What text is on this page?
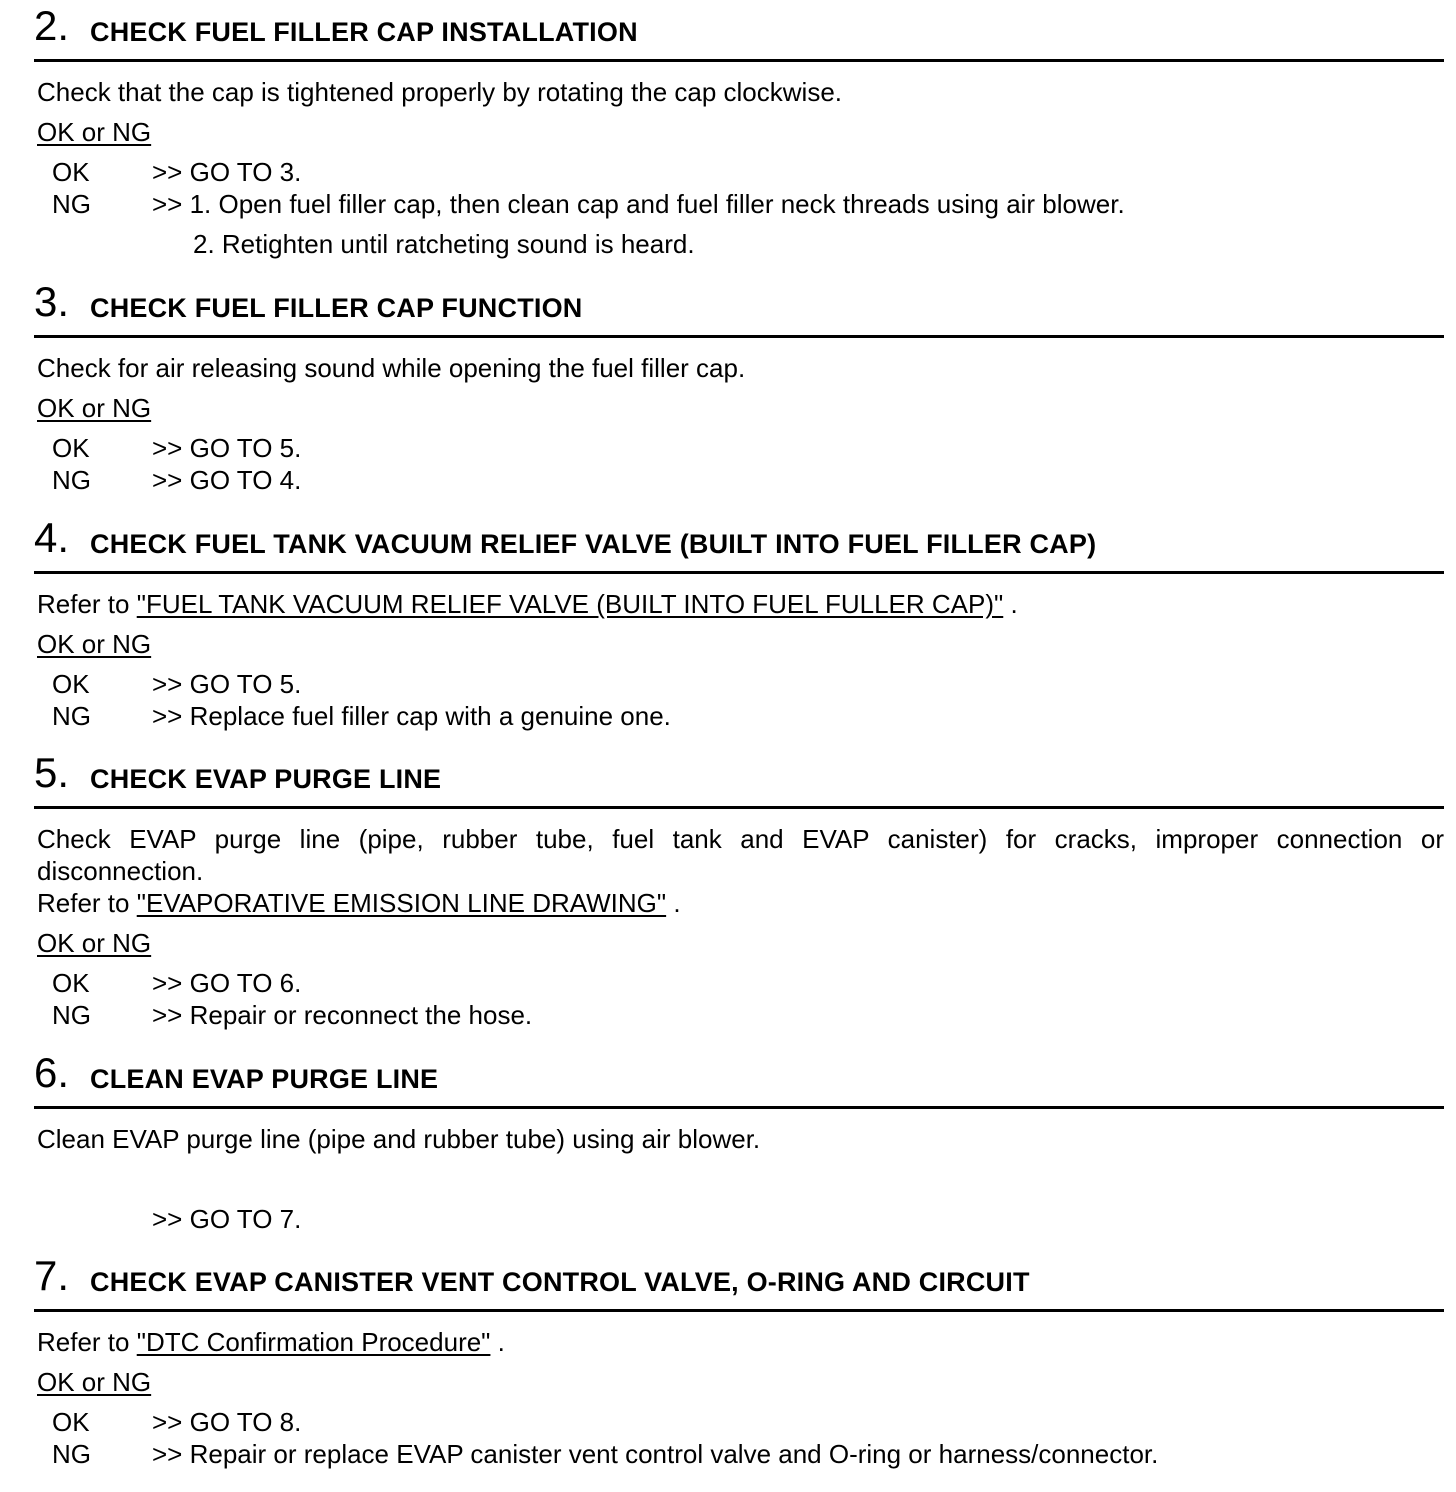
2. CHECK FUEL FILLER CAP INSTALLATION
Check that the cap is tightened properly by rotating the cap clockwise.
OK or NG
OK >> GO TO 3.
NG >> 1. Open fuel filler cap, then clean cap and fuel filler neck threads using air blower.
2. Retighten until ratcheting sound is heard.
3. CHECK FUEL FILLER CAP FUNCTION
Check for air releasing sound while opening the fuel filler cap.
OK or NG
OK >> GO TO 5.
NG >> GO TO 4.
4. CHECK FUEL TANK VACUUM RELIEF VALVE (BUILT INTO FUEL FILLER CAP)
Refer to "FUEL TANK VACUUM RELIEF VALVE (BUILT INTO FUEL FULLER CAP)" .
OK or NG
OK >> GO TO 5.
NG >> Replace fuel filler cap with a genuine one.
5. CHECK EVAP PURGE LINE
Check EVAP purge line (pipe, rubber tube, fuel tank and EVAP canister) for cracks, improper connection or
disconnection.
Refer to "EVAPORATIVE EMISSION LINE DRAWING" .
OK or NG
OK >> GO TO 6.
NG >> Repair or reconnect the hose.
6. CLEAN EVAP PURGE LINE
Clean EVAP purge line (pipe and rubber tube) using air blower.
>> GO TO 7.
7. CHECK EVAP CANISTER VENT CONTROL VALVE, O-RING AND CIRCUIT
Refer to "DTC Confirmation Procedure" .
OK or NG
OK >> GO TO 8.
NG >> Repair or replace EVAP canister vent control valve and O-ring or harness/connector.
